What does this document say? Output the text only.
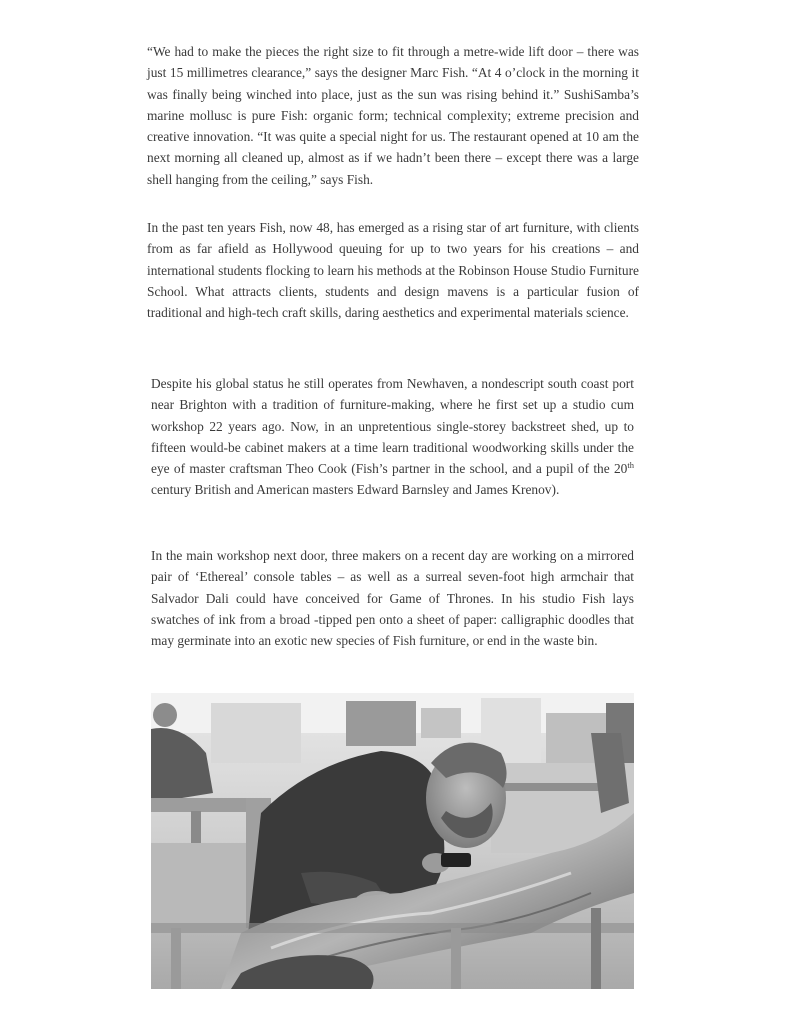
“We had to make the pieces the right size to fit through a metre-wide lift door – there was just 15 millimetres clearance,” says the designer Marc Fish. “At 4 o’clock in the morning it was finally being winched into place, just as the sun was rising behind it.” SushiSamba’s marine mollusc is pure Fish: organic form; technical complexity; extreme precision and creative innovation. “It was quite a special night for us. The restaurant opened at 10 am the next morning all cleaned up, almost as if we hadn’t been there – except there was a large shell hanging from the ceiling,” says Fish.

In the past ten years Fish, now 48, has emerged as a rising star of art furniture, with clients from as far afield as Hollywood queuing for up to two years for his creations – and international students flocking to learn his methods at the Robinson House Studio Furniture School. What attracts clients, students and design mavens is a particular fusion of traditional and high-tech craft skills, daring aesthetics and experimental materials science.

Despite his global status he still operates from Newhaven, a nondescript south coast port near Brighton with a tradition of furniture-making, where he first set up a studio cum workshop 22 years ago. Now, in an unpretentious single-storey backstreet shed, up to fifteen would-be cabinet makers at a time learn traditional woodworking skills under the eye of master craftsman Theo Cook (Fish’s partner in the school, and a pupil of the 20th century British and American masters Edward Barnsley and James Krenov).

In the main workshop next door, three makers on a recent day are working on a mirrored pair of ‘Ethereal’ console tables – as well as a surreal seven-foot high armchair that Salvador Dali could have conceived for Game of Thrones. In his studio Fish lays swatches of ink from a broad -tipped pen onto a sheet of paper: calligraphic doodles that may germinate into an exotic new species of Fish furniture, or end in the waste bin.
